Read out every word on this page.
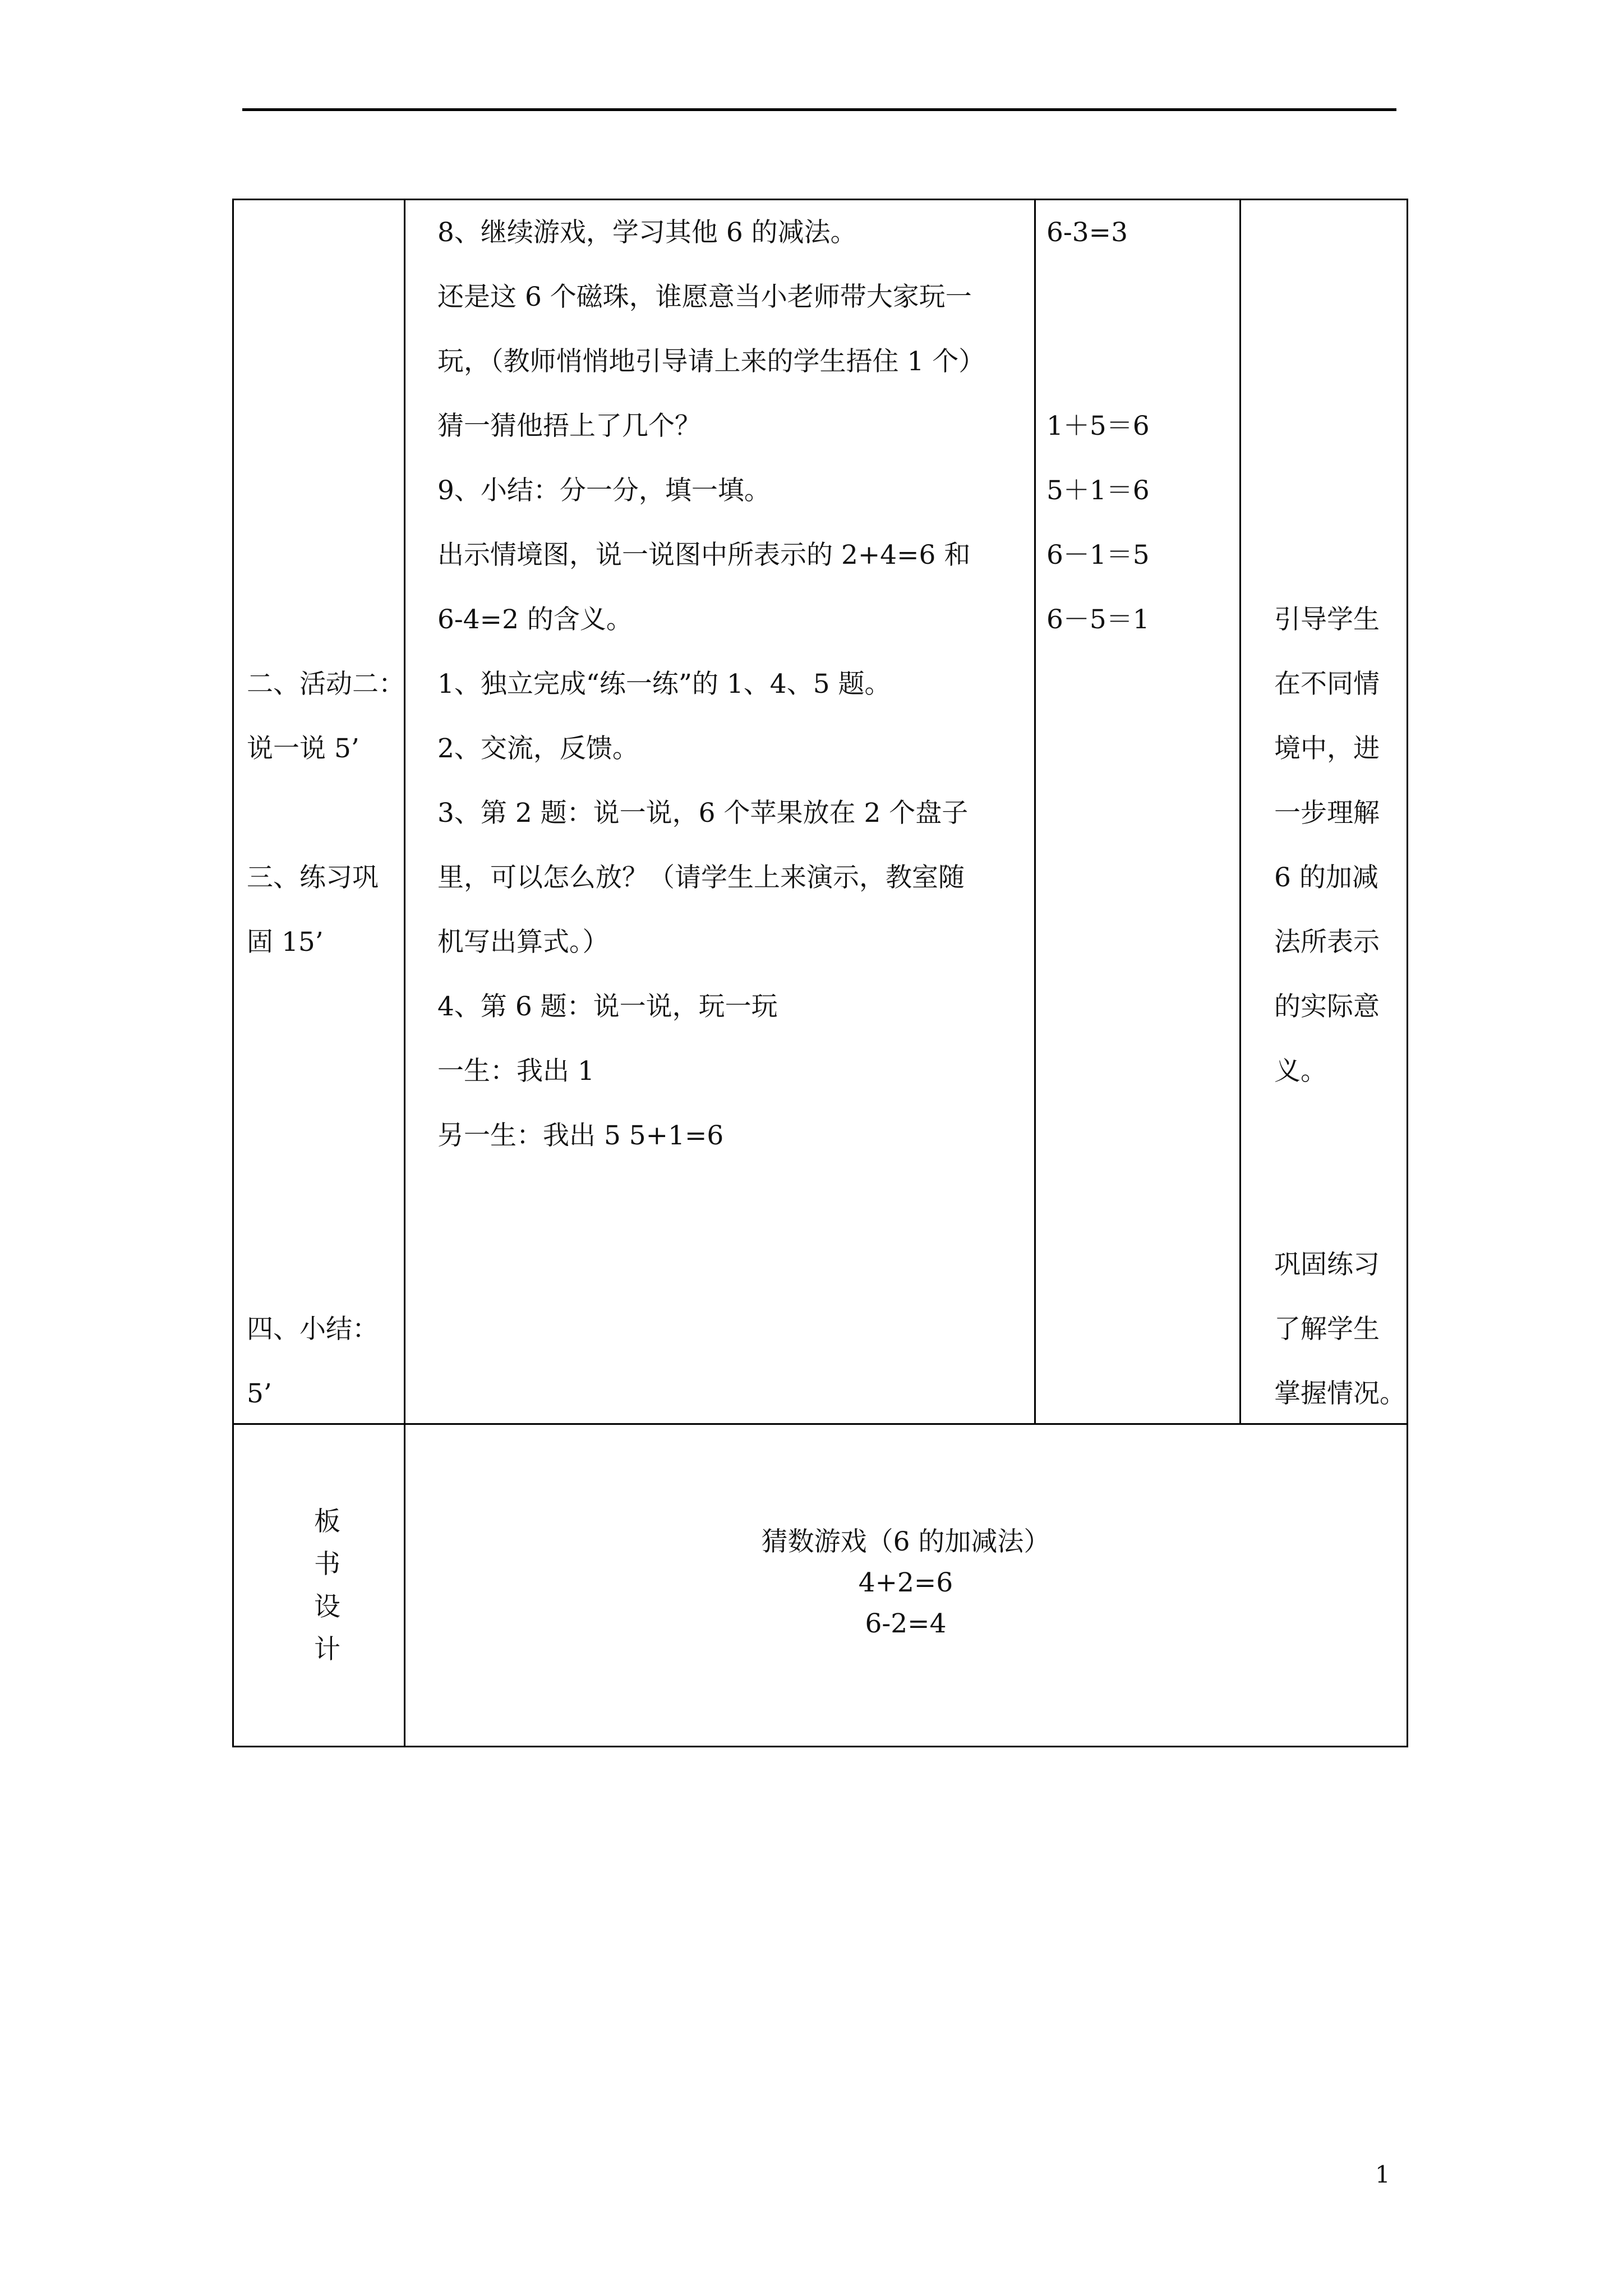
二、活动二：
说一说 5’
三、练习巩
固 15’
四、小结：
5’
8、继续游戏，学习其他 6 的减法。
还是这 6 个磁珠，谁愿意当小老师带大家玩一
玩，（教师悄悄地引导请上来的学生捂住 1 个）
猜一猜他捂上了几个？
9、小结：分一分，填一填。
出示情境图，说一说图中所表示的 2+4=6 和
6-4=2 的含义。
1、独立完成“练一练”的 1、4、5 题。
2、交流，反馈。
3、第 2 题：说一说，6 个苹果放在 2 个盘子
里，可以怎么放？（请学生上来演示，教室随
机写出算式。）
4、第 6 题：说一说，玩一玩
一生：我出 1
另一生：我出 5 5+1=6
6-3=3
1＋5＝6
5＋1＝6
6－1＝5
6－5＝1	引导学生
在不同情
境中，进
一步理解
6 的加减
法所表示
的实际意
义。
巩固练习
了解学生
掌握情况。
板
书
设
计
猜数游戏（6 的加减法）
4+2=6
6-2=4
1
